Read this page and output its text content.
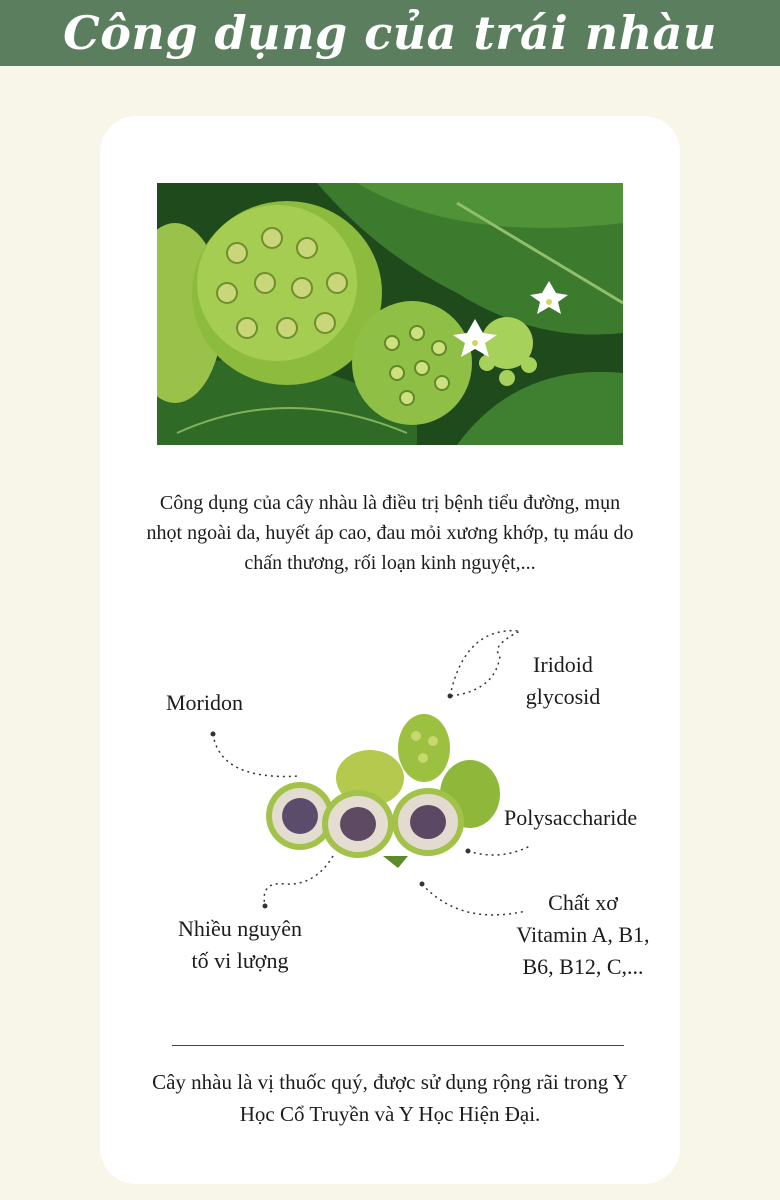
Công dụng của trái nhàu
Công dụng của cây nhàu là điều trị bệnh tiểu đường, mụn nhọt ngoài da, huyết áp cao, đau mỏi xương khớp, tụ máu do chấn thương, rối loạn kinh nguyệt,...
Iridoid
glycosid
Moridon
Polysaccharide
Nhiều nguyên
tố vi lượng
Chất xơ
Vitamin A, B1,
B6, B12, C,...
Cây nhàu là vị thuốc quý, được sử dụng rộng rãi trong Y Học Cổ Truyền và Y Học Hiện Đại.
